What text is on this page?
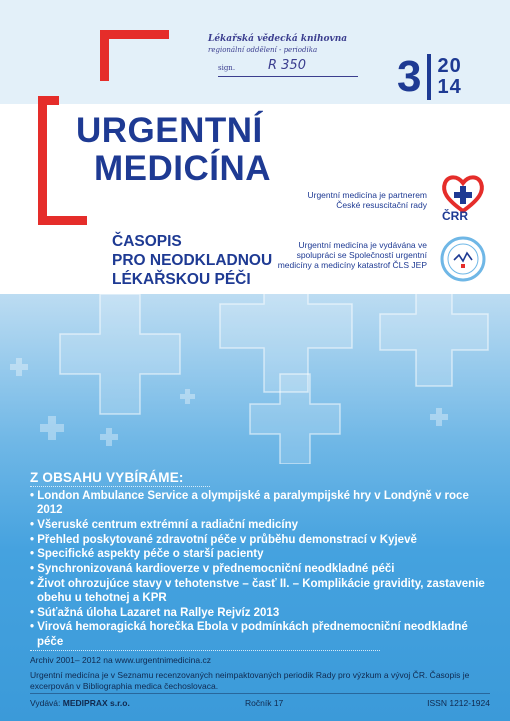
Lékařská vědecká knihovna
regionální oddělení - periodika
sign.	R 350 3 20
14
URGENTNÍ
MEDICÍNA
ČASOPIS
PRO NEODKLADNOU
LÉKAŘSKOU PÉČI
Urgentní medicína je partnerem České resuscitační rady
ČRR
Urgentní medicína je vydávána ve spolupráci se Společností urgentní medicíny a medicíny katastrof ČLS JEP
Z OBSAHU VYBÍRÁME:
• London Ambulance Service a olympijské a paralympijské hry v Londýně v roce 2012
• Všeruské centrum extrémní a radiační medicíny
• Přehled poskytované zdravotní péče v průběhu demonstrací v Kyjevě
• Specifické aspekty péče o starší pacienty
• Synchronizovaná kardioverze v přednemocniční neodkladné péči
• Život ohrozujúce stavy v tehotenstve – časť II. – Komplikácie gravidity, zastavenie obehu u tehotnej a KPR
• Súťažná úloha Lazaret na Rallye Rejvíz 2013
• Virová hemoragická horečka Ebola v podmínkách přednemocniční neodkladné péče
Archiv 2001– 2012 na www.urgentnimedicina.cz
Urgentní medicína je v Seznamu recenzovaných neimpaktovaných periodik Rady pro výzkum a vývoj ČR. Časopis je excerpován v Bibliographia medica čechoslovaca.
Vydává: MEDIPRAX s.r.o.	Ročník 17	ISSN 1212-1924
